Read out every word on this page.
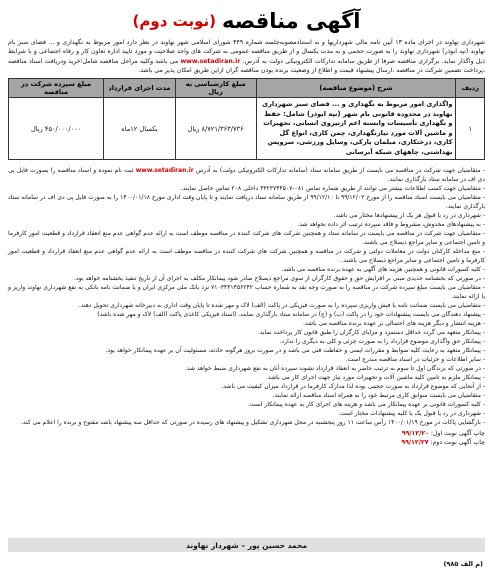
آگهی مناقصه
(نوبت دوم)
شهرداری نهاوند در اجرای ماده ۱۳ آیین نامه مالی شهرداریها و به استنادمصوبه‌جلسه شماره ۴۴۹ شورای اسلامی شهر نهاوند در نظر دارد امور مربوط به نگهداری و ... فضای سبز بام نهاوند (تپه ابوذر) شهرداری نهاوند را به صورت حجمی و به مدت یکسال و از طریق مناقصه عمومی به شرکت های واجد صلاحیت و مورد تایید اداره تعاون کار و رفاه اجتماعی و با شرایط ذیل واگذار نماید. برگزاری مناقصه صرفا از طریق سامانه تدارکات الکترونیکی دولت به آدرس: www.setadiran.ir می باشد وکلیه مراحل مناقصه شامل؛خرید ودریافت اسناد مناقصه ،پرداخت تضمین شرکت در مناقصه ،ارسال پیشنهاد قیمت و اطلاع از وضعیت برنده بودن مناقصه گران ازاین طریق امکان پذیر می باشد.
ردیف	شرح (موضوع مناقصه)	مبلغ کارشناسی به ریال	مدت اجرای قرارداد	مبلغ سپرده شرکت در مناقصه
۱	واگذاری امور مربوط به نگهداری و ... فضای سبز شهرداری نهاوند در محدوده قانونی بام شهر (تپه ابوذر) شامل: حفظ و نگهداری تأسیسات وابسته اعم ازنیروی انسانی، تجهیزات و ماشین آلات مورد نیازنگهداری، چمن کاری، انواع گل کاری، درختکاری، مبلمان پارکی، وسایل ورزشی، سرویس بهداشتی، چاههای شبکه آبرسانی	۸/۷۲۱/۳۶۳/۷۳۶ ریال	یکسال ۱۲ماه	۴۵۰/۰۰۰/۰۰۰ ریال

- متقاضیان جهت شرکت در مناقصه می بایست از طریق سامانه ستاد (سامانه تدارکات الکترونیکی دولت) به آدرس www.setadiran.ir ثبت نام نموده و اسناد مناقصه را بصورت فایل پی دی اف در سامانه ستاد بارگذاری نمایند.

- متقاضیان جهت کسب اطلاعات بیشتر می توانند از طریق شماره تماس ۰۸۱-۳۳۲۳۷۴۴۵۰۷ داخلی ۲۰۸ تماس حاصل نمایند.

- متقاضیان می بایست اسناد مناقصه را از مورخ ۹۹/۱۲/۰۳ تا ۹۹/۱۲/۱۰ از طریق سامانه ستاد دریافت نمایند و تا پایان وقت اداری مورخ ۱۴۰۰/۰۱/۱۸ را به صورت فایل پی دی اف در سامانه ستاد بارگذاری نمایند.

- شهرداری در رد یا قبول هر یک از پیشنهادها مختار می باشد.

- به پیشنهادهای مخدوش، مشروط و فاقد سپرده ترتیب اثر داده نخواهد شد.

- متقاضیان جهت شرکت در مناقصه می بایست در سامانه ستاد و همچنین شرکت های شرکت کننده در مناقصه موظف است به ارائه عدم گواهی عدم منع انعقاد قرارداد و قطعیت امور کارفرما و تامین اجتماعی و سایر مراجع ذیصلاح می باشند.

- منع مداخله کارکنان دولت در معاملات دولتی و شرکت در مناقصه و همچنین شرکت های شرکت کننده در مناقصه موظف است به ارائه عدم گواهی عدم منع انعقاد قرارداد و قطعیت امور کارفرما و تامین اجتماعی و سایر مراجع ذیصلاح می باشند.

- کلیه کسورات قانونی و همچنین هزینه های آگهی به عهده برنده مناقصه می باشد.

- در صورتی که بخشنامه جدیدی مبنی بر افزایش حق و حقوق کارگران از سوی مراجع ذیصلاح صادر شود پیمانکار مکلف به اجرای آن از تاریخ تنفیذ بخشنامه خواهد بود.

- متقاضیان می بایست مبلغ سپرده شرکت در مناقصه را به صورت وجه نقد به شماره حساب ۷۱۰۳۴۴۱۴۵۶۲۴۲ نزد بانک ملی مرکزی ایران و یا ضمانت نامه بانکی به نفع شهرداری نهاوند واریز و یا ارائه نمایند.

- متقاضیان می بایست ضمانت نامه یا فیش واریزی سپرده را به صورت فیزیکی در پاکت (الف) لاک و مهر شده تا پایان وقت اداری به دبیرخانه شهرداری تحویل دهند.

- پیشنهاد دهندگان می بایست پیشنهادات خود را در پاکت (ب) و (ج) در سامانه ستاد بارگذاری نمایند. (اسناد فیزیکی کاغذی پاکت (الف) لاک و مهر شده باشد)

- هزینه انتشار و دیگر هزینه های احتمالی بر عهده برنده مناقصه می باشد.

- پیمانکار متعهد می گردد حداقل دستمزد و مزایای کارگران را طبق قانون کار پرداخت نماید.

- پیمانکار حق واگذاری موضوع قرارداد را به صورت جزئی و کلی به دیگری را ندارد.

- پیمانکار متعهد به رعایت کلیه ضوابط و مقررات ایمنی و حفاظت فنی می باشد و در صورت بروز هرگونه حادثه، مسئولیت آن بر عهده پیمانکار خواهد بود.

- سایر اطلاعات و جزئیات در اسناد مناقصه مندرج است.

- در صورتی که برندگان اول تا سوم به ترتیب حاضر به انعقاد قرارداد نشوند سپرده آنان به نفع شهرداری ضبط خواهد شد.

- پیمانکار ملزم به تامین کلیه ماشین آلات و تجهیزات مورد نیاز جهت اجرای کار می باشد.

- از آنجایی که موضوع قرارداد به صورت حجمی بوده لذا مدارک کارفرما در قرارداد میزان کیفیت می باشد.

- متقاضیان می بایست سوابق کاری مرتبط خود را به همراه اسناد مناقصه ارائه نمایند.

- کلیه کسورات قانونی بر عهده پیمانکار می باشد و هزینه های اجرای کار به عهده پیمانکار است.

- شهرداری در رد یا قبول یک یا کلیه پیشنهادات مختار است.

- بازگشایی پاکات در مورخ ۱۴۰۰/۰۱/۱۹ رأس ساعت ۱۱ روز پنجشنبه در محل شهرداری تشکیل و پیشنهاد های رسیده در صورتی که حداقل سه پیشنهاد باشد مفتوح و برنده را اعلام می کند.

چاپ آگهی نوبت اول: ۹۹/۱۲/۲۰
چاپ آگهی نوبت دوم: ۹۹/۱۲/۲۷
محمد حسین پور – شهردار نهاوند
(م الف ۹۸۵)
